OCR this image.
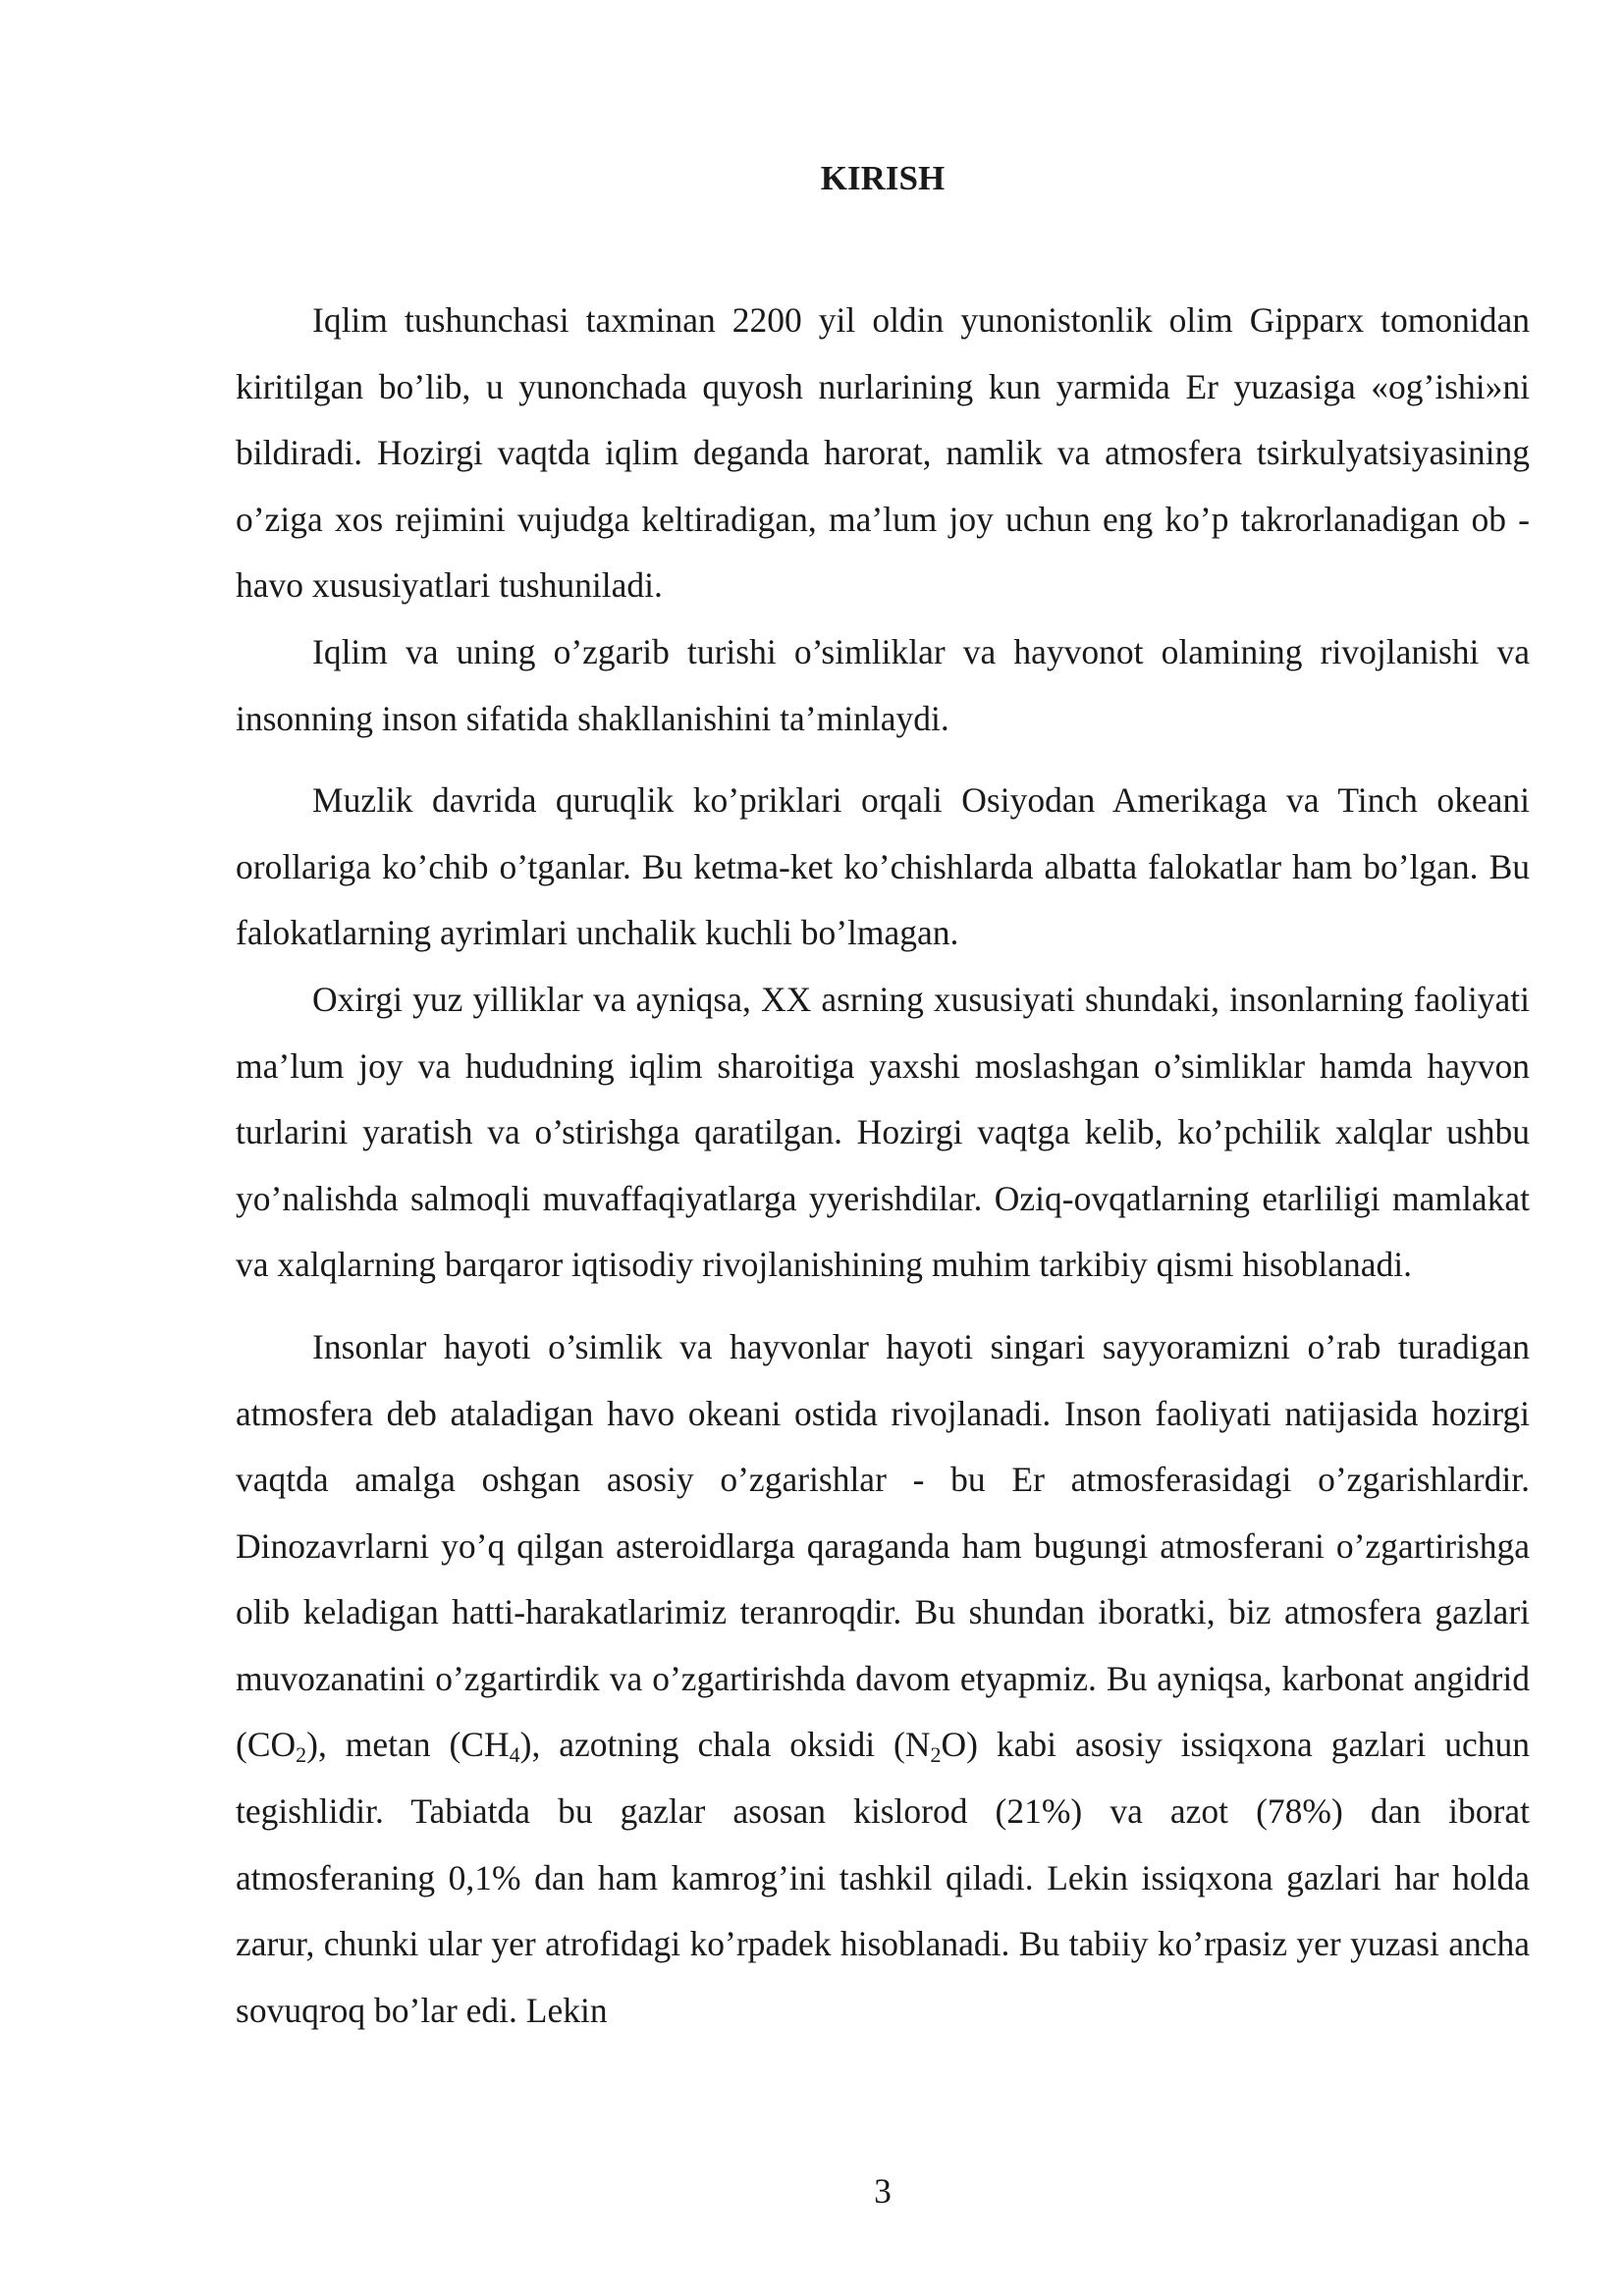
KIRISH

Iqlim tushunchasi taxminan 2200 yil oldin yunonistonlik olim Gipparx tomonidan kiritilgan bo’lib, u yunonchada quyosh nurlarining kun yarmida Er yuzasiga «og’ishi»ni bildiradi. Hozirgi vaqtda iqlim deganda harorat, namlik va atmosfera tsirkulyatsiyasining o’ziga xos rejimini vujudga keltiradigan, ma’lum joy uchun eng ko’p takrorlanadigan ob - havo xususiyatlari tushuniladi.

Iqlim va uning o’zgarib turishi o’simliklar va hayvonot olamining rivojlanishi va insonning inson sifatida shakllanishini ta’minlaydi.

Muzlik davrida quruqlik ko’priklari orqali Osiyodan Amerikaga va Tinch okeani orollariga ko’chib o’tganlar. Bu ketma-ket ko’chishlarda albatta falokatlar ham bo’lgan. Bu falokatlarning ayrimlari unchalik kuchli bo’lmagan.

Oxirgi yuz yilliklar va ayniqsa, XX asrning xususiyati shundaki, insonlarning faoliyati ma’lum joy va hududning iqlim sharoitiga yaxshi moslashgan o’simliklar hamda hayvon turlarini yaratish va o’stirishga qaratilgan. Hozirgi vaqtga kelib, ko’pchilik xalqlar ushbu yo’nalishda salmoqli muvaffaqiyatlarga yyerishdilar. Oziq-ovqatlarning etarliligi mamlakat va xalqlarning barqaror iqtisodiy rivojlanishining muhim tarkibiy qismi hisoblanadi.

Insonlar hayoti o’simlik va hayvonlar hayoti singari sayyoramizni o’rab turadigan atmosfera deb ataladigan havo okeani ostida rivojlanadi. Inson faoliyati natijasida hozirgi vaqtda amalga oshgan asosiy o’zgarishlar - bu Er atmosferasidagi o’zgarishlardir. Dinozavrlarni yo’q qilgan asteroidlarga qaraganda ham bugungi atmosferani o’zgartirishga olib keladigan hatti-harakatlarimiz teranroqdir. Bu shundan iboratki, biz atmosfera gazlari muvozanatini o’zgartirdik va o’zgartirishda davom etyapmiz. Bu ayniqsa, karbonat angidrid $(CO_2)$, metan $(CH_4)$, azotning chala oksidi $(N_2O)$ kabi asosiy issiqxona gazlari uchun tegishlidir. Tabiatda bu gazlar asosan kislorod (21%) va azot (78%) dan iborat atmosferaning 0,1% dan ham kamrog’ini tashkil qiladi. Lekin issiqxona gazlari har holda zarur, chunki ular yer atrofidagi ko’rpadek hisoblanadi. Bu tabiiy ko’rpasiz yer yuzasi ancha sovuqroq bo’lar edi. Lekin

3
